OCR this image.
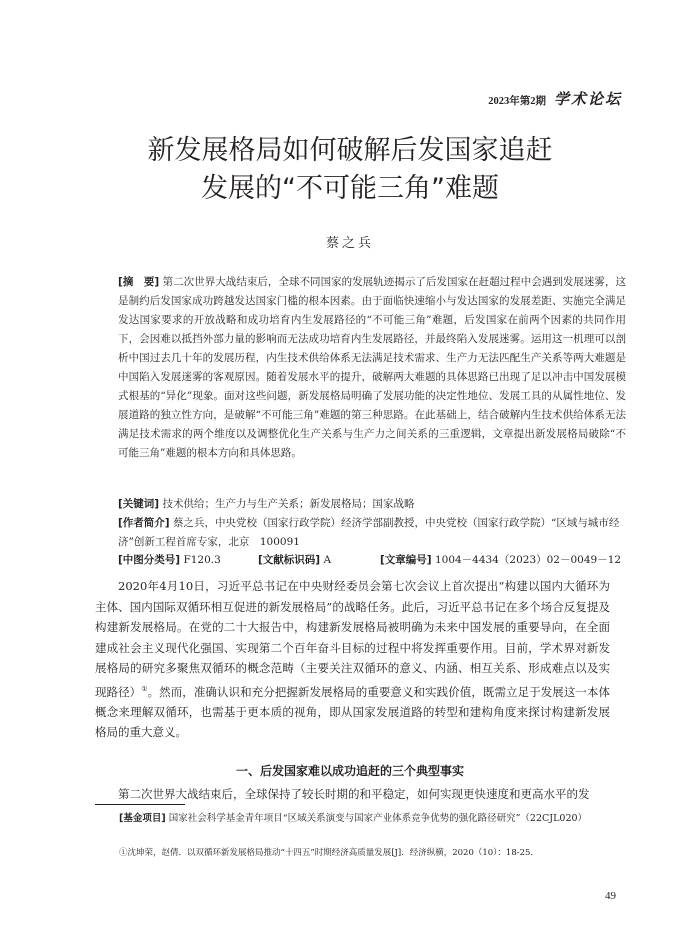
2023年第2期 学术论坛
新发展格局如何破解后发国家追赶
发展的“不可能三角”难题
蔡之兵
[摘　要] 第二次世界大战结束后，全球不同国家的发展轨迹揭示了后发国家在赶超过程中会遇到发展迷雾，这是制约后发国家成功跨越发达国家门槛的根本因素。由于面临快速缩小与发达国家的发展差距、实施完全满足发达国家要求的开放战略和成功培育内生发展路径的“不可能三角”难题，后发国家在前两个因素的共同作用下，会因难以抵挡外部力量的影响而无法成功培育内生发展路径，并最终陷入发展迷雾。运用这一机理可以剖析中国过去几十年的发展历程，内生技术供给体系无法满足技术需求、生产力无法匹配生产关系等两大难题是中国陷入发展迷雾的客观原因。随着发展水平的提升，破解两大难题的具体思路已出现了足以冲击中国发展模式根基的“异化”现象。面对这些问题，新发展格局明确了发展功能的决定性地位、发展工具的从属性地位、发展道路的独立性方向，是破解“不可能三角”难题的第三种思路。在此基础上，结合破解内生技术供给体系无法满足技术需求的两个维度以及调整优化生产关系与生产力之间关系的三重逻辑，文章提出新发展格局破除“不可能三角”难题的根本方向和具体思路。
[关键词] 技术供给；生产力与生产关系；新发展格局；国家战略
[作者简介] 蔡之兵，中央党校（国家行政学院）经济学部副教授，中央党校（国家行政学院）“区域与城市经济”创新工程首席专家，北京　100091
[中图分类号] F120.3	[文献标识码] A	[文章编号] 1004－4434（2023）02－0049－12
2020年4月10日，习近平总书记在中央财经委员会第七次会议上首次提出“构建以国内大循环为主体、国内国际双循环相互促进的新发展格局”的战略任务。此后，习近平总书记在多个场合反复提及构建新发展格局。在党的二十大报告中，构建新发展格局被明确为未来中国发展的重要导向，在全面建成社会主义现代化强国、实现第二个百年奋斗目标的过程中将发挥重要作用。目前，学术界对新发展格局的研究多聚焦双循环的概念范畴（主要关注双循环的意义、内涵、相互关系、形成难点以及实现路径）①。然而，准确认识和充分把握新发展格局的重要意义和实践价值，既需立足于发展这一本体概念来理解双循环，也需基于更本质的视角，即从国家发展道路的转型和建构角度来探讨构建新发展格局的重大意义。
一、后发国家难以成功追赶的三个典型事实
第二次世界大战结束后，全球保持了较长时期的和平稳定，如何实现更快速度和更高水平的发
[基金项目] 国家社会科学基金青年项目“区域关系演变与国家产业体系竞争优势的强化路径研究”（22CJL020）
①沈坤荣，赵倩．以双循环新发展格局推动“十四五”时期经济高质量发展[J]．经济纵横，2020（10）：18-25．
49
